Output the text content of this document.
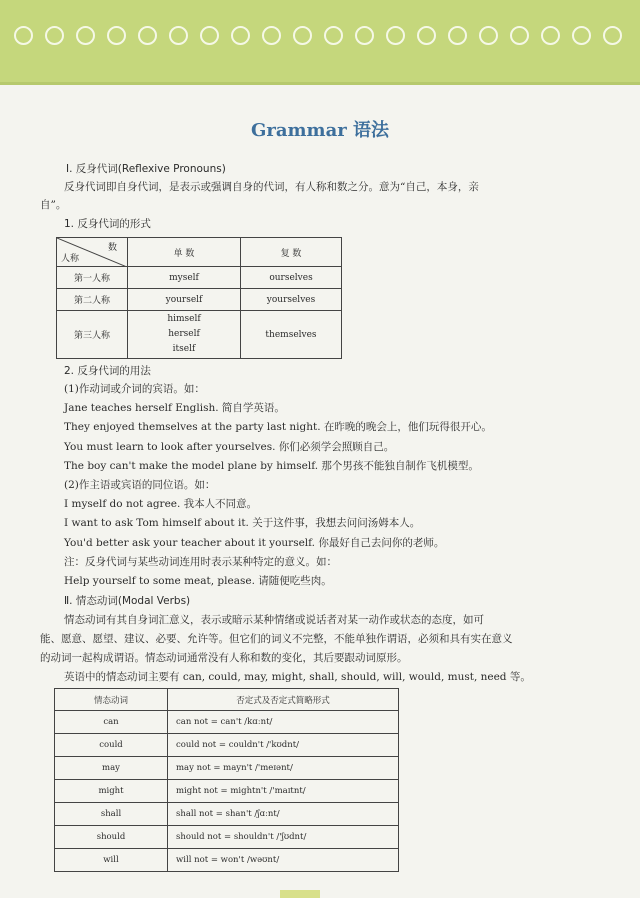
Grammar 语法
Ⅰ. 反身代词(Reflexive Pronouns)
反身代词即自身代词，是表示或强调自身的代词，有人称和数之分。意为“自己，本身，亲
自”。
1. 反身代词的形式
数
人称	单 数	复 数
第一人称	myself	ourselves
第二人称	yourself	yourselves
第三人称	himself
herself
itself	themselves
2. 反身代词的用法
(1)作动词或介词的宾语。如：
Jane teaches herself English. 简自学英语。
They enjoyed themselves at the party last night. 在昨晚的晚会上，他们玩得很开心。
You must learn to look after yourselves. 你们必须学会照顾自己。
The boy can't make the model plane by himself. 那个男孩不能独自制作飞机模型。
(2)作主语或宾语的同位语。如：
I myself do not agree. 我本人不同意。
I want to ask Tom himself about it. 关于这件事，我想去问问汤姆本人。
You'd better ask your teacher about it yourself. 你最好自己去问你的老师。
注：反身代词与某些动词连用时表示某种特定的意义。如：
Help yourself to some meat, please. 请随便吃些肉。
Ⅱ. 情态动词(Modal Verbs)
情态动词有其自身词汇意义，表示或暗示某种情绪或说话者对某一动作或状态的态度，如可
能、愿意、愿望、建议、必要、允许等。但它们的词义不完整，不能单独作谓语，必须和具有实在意义
的动词一起构成谓语。情态动词通常没有人称和数的变化，其后要跟动词原形。
英语中的情态动词主要有 can, could, may, might, shall, should, will, would, must, need 等。
情态动词	否定式及否定式简略形式
can	can not = can't /kɑːnt/
could	could not = couldn't /'kʊdnt/
may	may not = mayn't /'meɪənt/
might	might not = mightn't /'maɪtnt/
shall	shall not = shan't /ʃɑːnt/
should	should not = shouldn't /'ʃʊdnt/
will	will not = won't /wəʊnt/
